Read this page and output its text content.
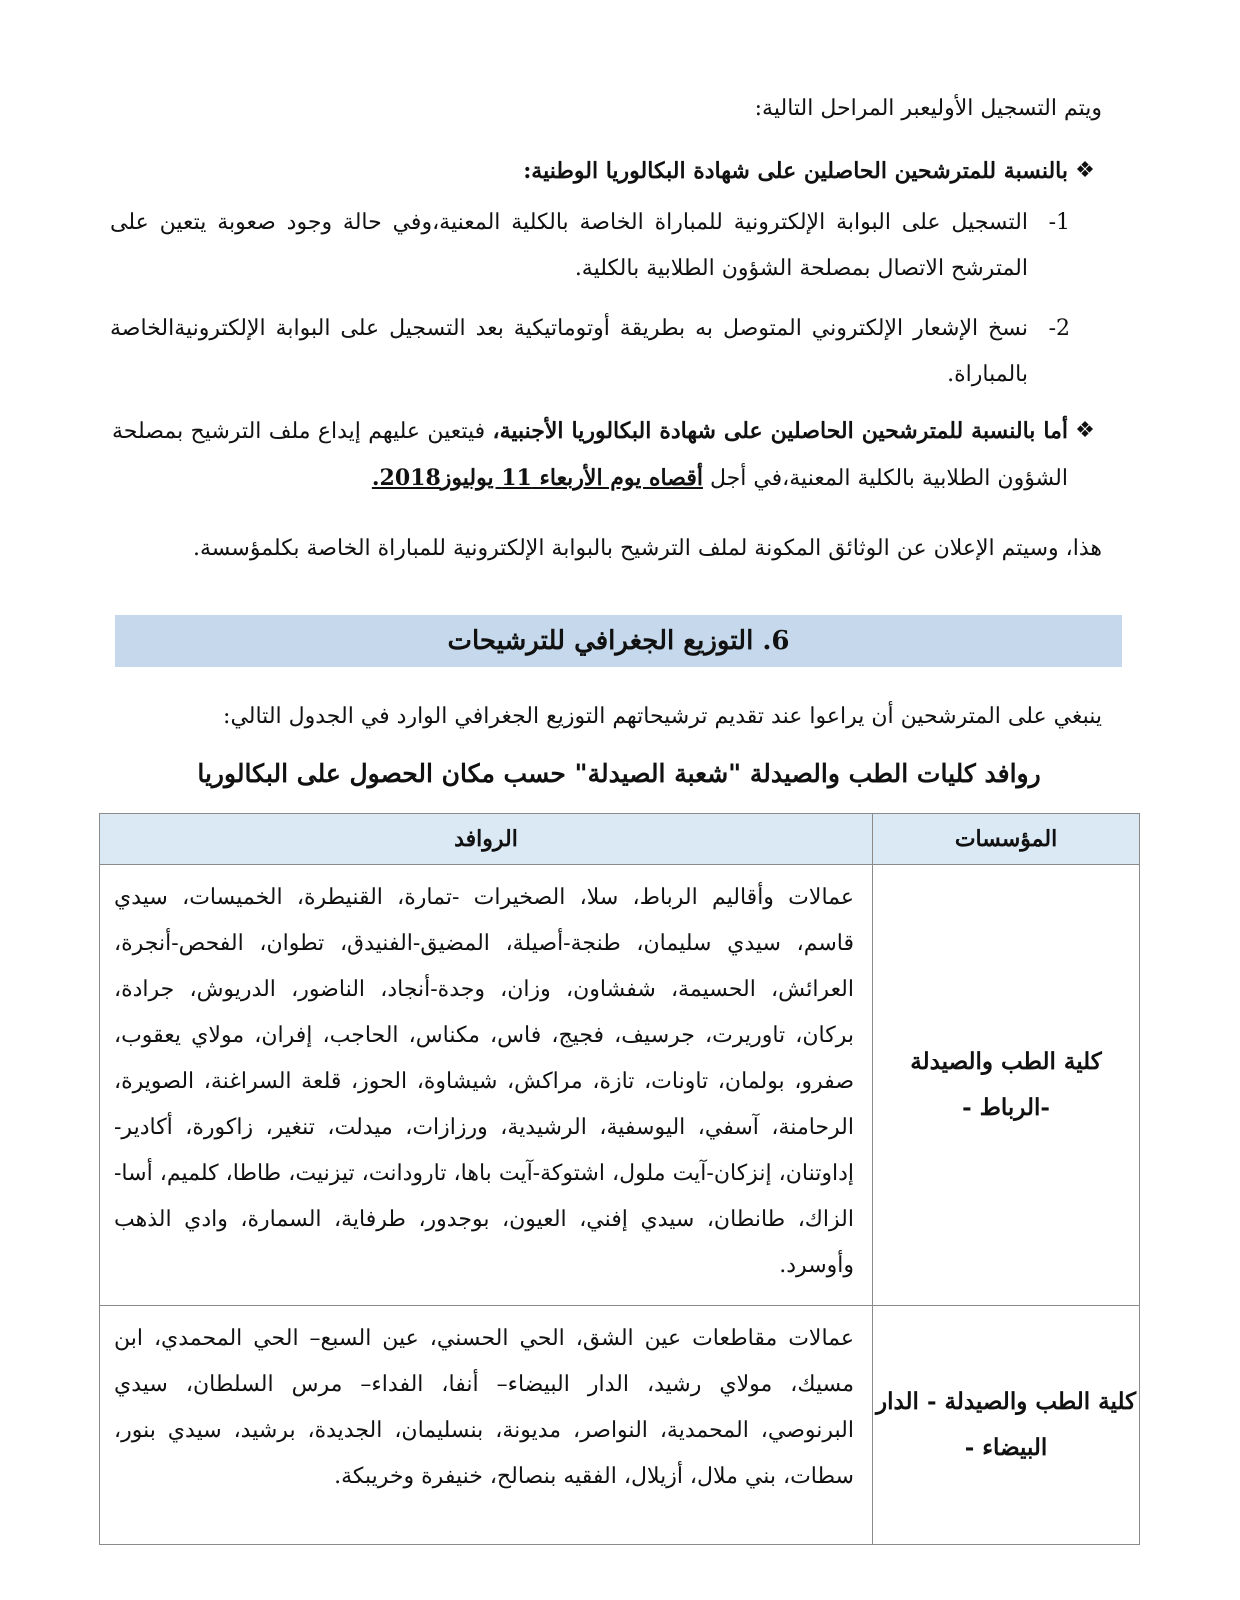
ويتم التسجيل الأوليعبر المراحل التالية:
❖
بالنسبة للمترشحين الحاصلين على شهادة البكالوريا الوطنية:
1-
التسجيل على البوابة الإلكترونية للمباراة الخاصة بالكلية المعنية،وفي حالة وجود صعوبة يتعين على المترشح الاتصال بمصلحة الشؤون الطلابية بالكلية.
2-
نسخ الإشعار الإلكتروني المتوصل به بطريقة أوتوماتيكية بعد التسجيل على البوابة الإلكترونيةالخاصة بالمباراة.
❖
أما بالنسبة للمترشحين الحاصلين على شهادة البكالوريا الأجنبية، فيتعين عليهم إيداع ملف الترشيح بمصلحة الشؤون الطلابية بالكلية المعنية،في أجل أقصاه يوم الأربعاء 11 يوليوز2018.
هذا، وسيتم الإعلان عن الوثائق المكونة لملف الترشيح بالبوابة الإلكترونية للمباراة الخاصة بكلمؤسسة.
6. التوزيع الجغرافي للترشيحات
ينبغي على المترشحين أن يراعوا عند تقديم ترشيحاتهم التوزيع الجغرافي الوارد في الجدول التالي:
روافد كليات الطب والصيدلة "شعبة الصيدلة" حسب مكان الحصول على البكالوريا
المؤسسات	الروافد
كلية الطب والصيدلة -الرباط -	عمالات وأقاليم الرباط، سلا، الصخيرات -تمارة، القنيطرة، الخميسات، سيدي قاسم، سيدي سليمان، طنجة-أصيلة، المضيق-الفنيدق، تطوان، الفحص-أنجرة، العرائش، الحسيمة، شفشاون، وزان، وجدة-أنجاد، الناضور، الدريوش، جرادة، بركان، تاوريرت، جرسيف، فجيج، فاس، مكناس، الحاجب، إفران، مولاي يعقوب، صفرو، بولمان، تاونات، تازة، مراكش، شيشاوة، الحوز، قلعة السراغنة، الصويرة، الرحامنة، آسفي، اليوسفية، الرشيدية، ورزازات، ميدلت، تنغير، زاكورة، أكادير-إداوتنان، إنزكان-آيت ملول، اشتوكة-آيت باها، تارودانت، تيزنيت، طاطا، كلميم، أسا-الزاك، طانطان، سيدي إفني، العيون، بوجدور، طرفاية، السمارة، وادي الذهب وأوسرد.
كلية الطب والصيدلة - الدار البيضاء -	عمالات مقاطعات عين الشق، الحي الحسني، عين السبع– الحي المحمدي، ابن مسيك، مولاي رشيد، الدار البيضاء– أنفا، الفداء– مرس السلطان، سيدي البرنوصي، المحمدية، النواصر، مديونة، بنسليمان، الجديدة، برشيد، سيدي بنور، سطات، بني ملال، أزيلال، الفقيه بنصالح، خنيفرة وخريبكة.
